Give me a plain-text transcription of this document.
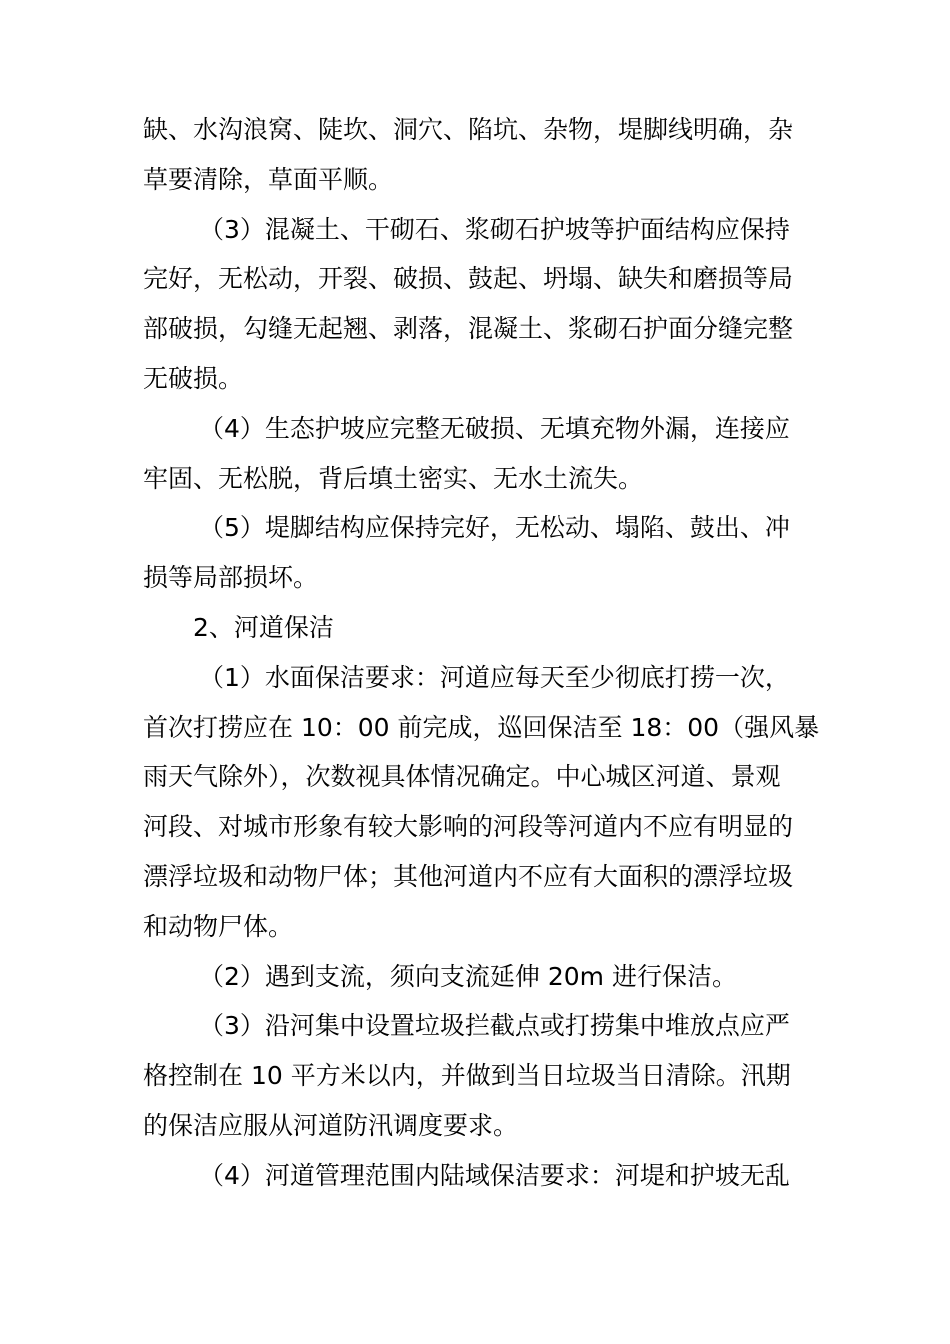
缺、水沟浪窝、陡坎、洞穴、陷坑、杂物，堤脚线明确，杂

草要清除，草面平顺。

（3）混凝土、干砌石、浆砌石护坡等护面结构应保持

完好，无松动，开裂、破损、鼓起、坍塌、缺失和磨损等局

部破损，勾缝无起翘、剥落，混凝土、浆砌石护面分缝完整

无破损。

（4）生态护坡应完整无破损、无填充物外漏，连接应

牢固、无松脱，背后填土密实、无水土流失。

（5）堤脚结构应保持完好，无松动、塌陷、鼓出、冲

损等局部损坏。

2、河道保洁

（1）水面保洁要求：河道应每天至少彻底打捞一次，

首次打捞应在 10：00 前完成，巡回保洁至 18：00（强风暴

雨天气除外），次数视具体情况确定。中心城区河道、景观

河段、对城市形象有较大影响的河段等河道内不应有明显的

漂浮垃圾和动物尸体；其他河道内不应有大面积的漂浮垃圾

和动物尸体。

（2）遇到支流，须向支流延伸 20m 进行保洁。

（3）沿河集中设置垃圾拦截点或打捞集中堆放点应严

格控制在 10 平方米以内，并做到当日垃圾当日清除。汛期

的保洁应服从河道防汛调度要求。

（4）河道管理范围内陆域保洁要求：河堤和护坡无乱
